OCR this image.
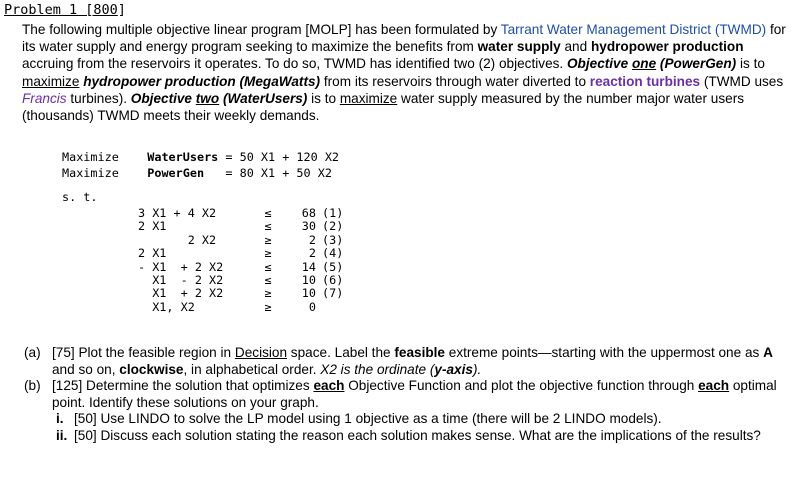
Problem 1 [800]
The following multiple objective linear program [MOLP] has been formulated by Tarrant Water Management District (TWMD) for its water supply and energy program seeking to maximize the benefits from water supply and hydropower production accruing from the reservoirs it operates. To do so, TWMD has identified two (2) objectives. Objective one (PowerGen) is to maximize hydropower production (MegaWatts) from its reservoirs through water diverted to reaction turbines (TWMD uses Francis turbines). Objective two (WaterUsers) is to maximize water supply measured by the number major water users (thousands) TWMD meets their weekly demands.
Maximize WaterUsers = 50 X1 + 120 X2
Maximize PowerGen = 80 X1 + 50 X2
s. t.
3 X1 + 4 X2	≤	68	(1)
2 X1	≤	30	(2)
2 X2	≥	2	(3)
2 X1	≥	2	(4)
- X1  + 2 X2	≤	14	(5)
X1  - 2 X2	≤	10	(6)
X1  + 2 X2	≥	10	(7)
X1, X2	≥	0	
(a) [75] Plot the feasible region in Decision space. Label the feasible extreme points—starting with the uppermost one as A and so on, clockwise, in alphabetical order. X2 is the ordinate (y-axis).
(b) [125] Determine the solution that optimizes each Objective Function and plot the objective function through each optimal point. Identify these solutions on your graph.
i. [50] Use LINDO to solve the LP model using 1 objective as a time (there will be 2 LINDO models).
ii. [50] Discuss each solution stating the reason each solution makes sense. What are the implications of the results?
